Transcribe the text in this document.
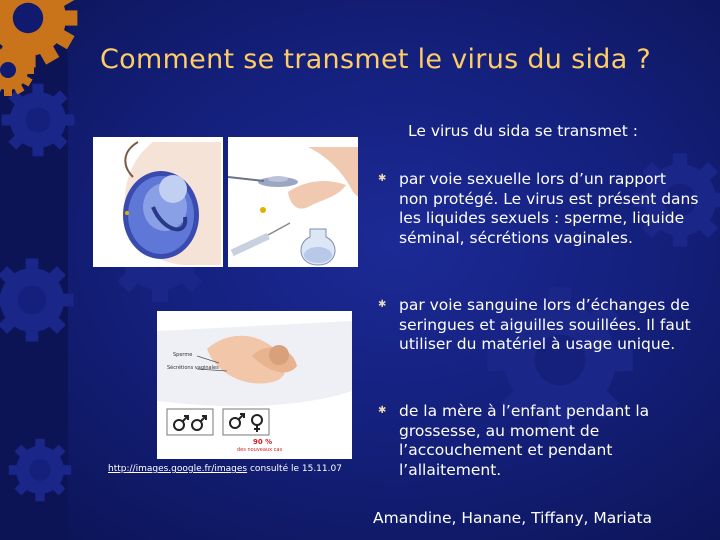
Comment se transmet le virus du sida ?
Le virus du sida se transmet :
Sperme
Sécrétions vaginales
90 %
des nouveaux cas
http://images.google.fr/images consulté le 15.11.07
✱ par voie sexuelle lors d’un rapport non protégé. Le virus est présent dans les liquides sexuels : sperme, liquide séminal, sécrétions vaginales.
✱ par voie sanguine lors d’échanges de seringues et aiguilles souillées. Il faut utiliser du matériel à usage unique.
✱ de la mère à l’enfant pendant la grossesse, au moment de l’accouchement et pendant l’allaitement.
Amandine, Hanane, Tiffany, Mariata
